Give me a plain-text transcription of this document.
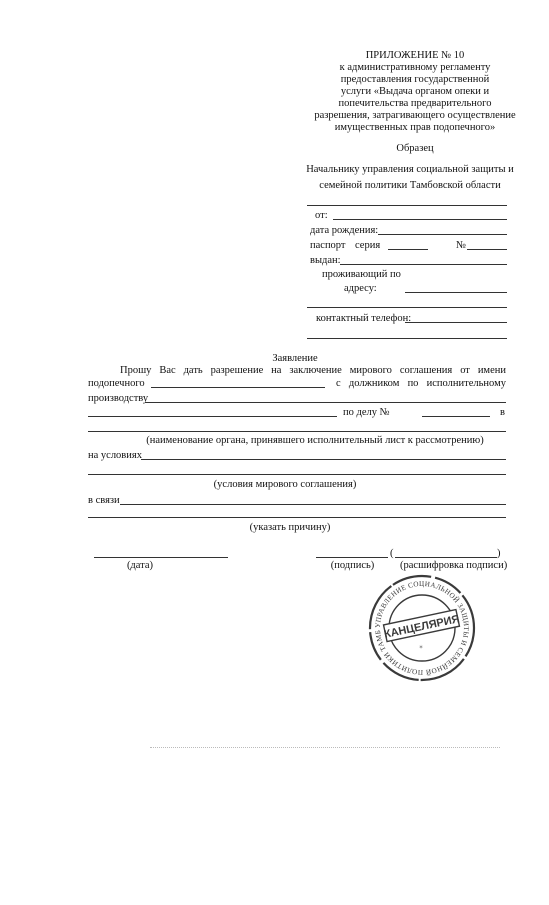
ПРИЛОЖЕНИЕ № 10
к административному регламенту
предоставления государственной
услуги «Выдача органом опеки и
попечительства предварительного
разрешения, затрагивающего осуществление
имущественных прав подопечного»
Образец
Начальнику управления социальной защиты и
семейной политики Тамбовской области
от:
дата рождения:
паспорт серия	№
выдан:
проживающий по
адресу:
контактный телефон:
Заявление
Прошу Вас дать разрешение на заключение мирового соглашения от имени
подопечного	с должником по исполнительному
производству
по делу №	в
(наименование органа, принявшего исполнительный лист к рассмотрению)
на условиях
(условия мирового соглашения)
в связи
(указать причину)
(дата)	(подпись)
(	)
(расшифровка подписи)
УПРАВЛЕНИЕ СОЦИАЛЬНОЙ ЗАЩИТЫ И СЕМЕЙНОЙ ПОЛИТИКИ ТАМБ КАНЦЕЛЯРИЯ
✶
